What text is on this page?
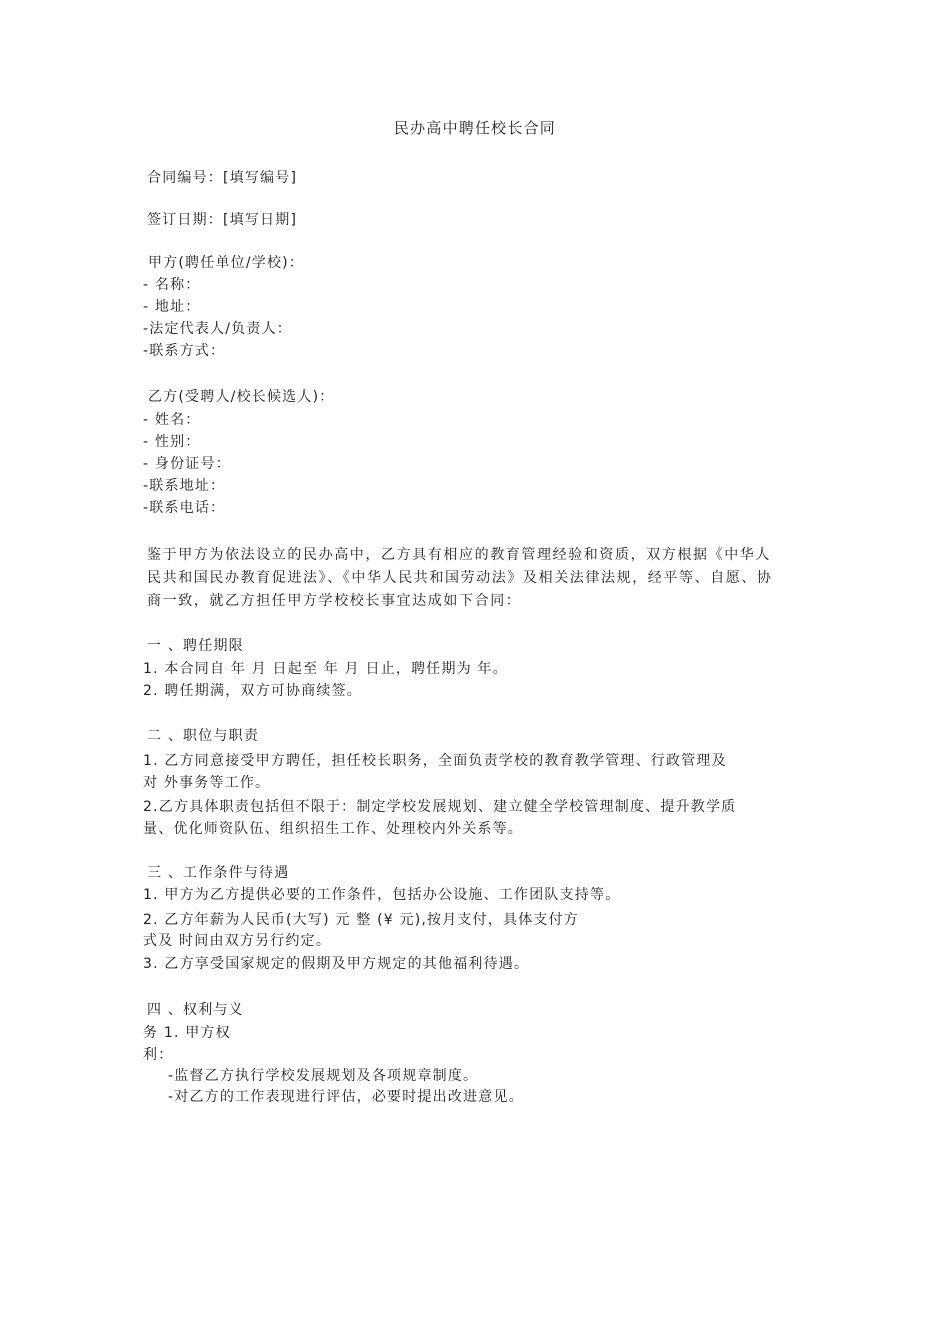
民办高中聘任校长合同
合同编号：[填写编号]
签订日期：[填写日期]
甲方(聘任单位/学校)：
- 名称：
- 地址：
-法定代表人/负责人：
-联系方式：
乙方(受聘人/校长候选人)：
- 姓名：
- 性别：
- 身份证号：
-联系地址：
-联系电话：
鉴于甲方为依法设立的民办高中，乙方具有相应的教育管理经验和资质，双方根据《中华人
民共和国民办教育促进法》、《中华人民共和国劳动法》及相关法律法规，经平等、自愿、协
商一致，就乙方担任甲方学校校长事宜达成如下合同：
一 、聘任期限
1. 本合同自 年 月 日起至 年 月 日止，聘任期为 年。
2. 聘任期满，双方可协商续签。
二 、职位与职责
1. 乙方同意接受甲方聘任，担任校长职务，全面负责学校的教育教学管理、行政管理及
对 外事务等工作。
2.乙方具体职责包括但不限于：制定学校发展规划、建立健全学校管理制度、提升教学质
量、优化师资队伍、组织招生工作、处理校内外关系等。
三 、工作条件与待遇
1. 甲方为乙方提供必要的工作条件，包括办公设施、工作团队支持等。
2. 乙方年薪为人民币(大写) 元 整 (¥ 元),按月支付，具体支付方
式及 时间由双方另行约定。
3. 乙方享受国家规定的假期及甲方规定的其他福利待遇。
四 、权利与义
务 1. 甲方权
利：
-监督乙方执行学校发展规划及各项规章制度。
-对乙方的工作表现进行评估，必要时提出改进意见。
